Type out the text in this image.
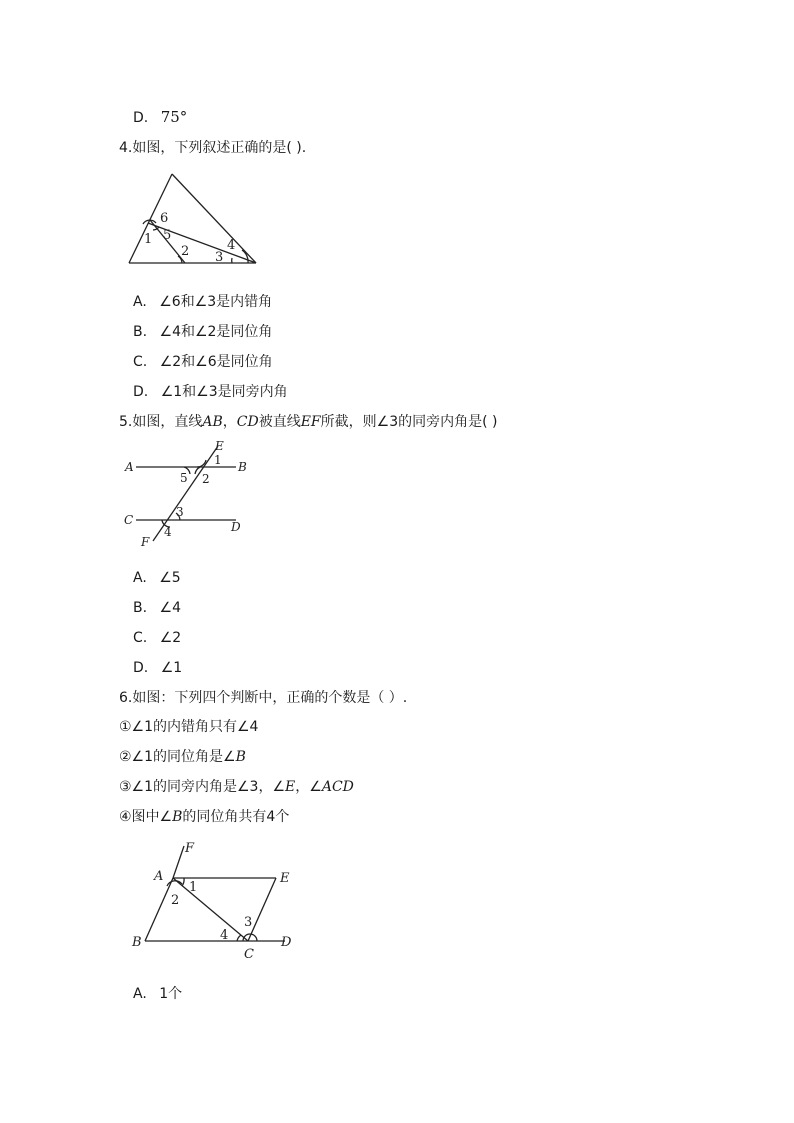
D. 75°
4.如图，下列叙述正确的是( ).
6
1 5
2 3
4
A. ∠6和∠3是内错角
B. ∠4和∠2是同位角
C. ∠2和∠6是同位角
D. ∠1和∠3是同旁内角
5.如图，直线AB，CD被直线EF所截，则∠3的同旁内角是( )
E
1
A	B
5 2
3
C	D
4
F
A. ∠5
B. ∠4
C. ∠2
D. ∠1
6.如图：下列四个判断中，正确的个数是（ ）.
①∠1的内错角只有∠4
②∠1的同位角是∠B
③∠1的同旁内角是∠3，∠E，∠ACD
④图中∠B的同位角共有4个
F
A
1
E
2
3
4
B	D
C
A. 1个
